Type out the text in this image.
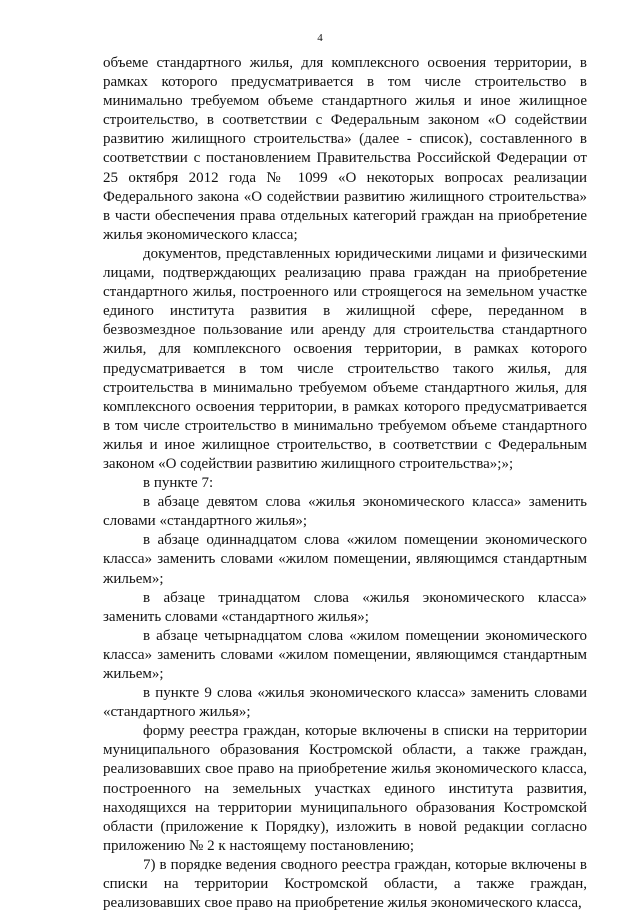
4

объеме стандартного жилья, для комплексного освоения территории, в рамках которого предусматривается в том числе строительство в минимально требуемом объеме стандартного жилья и иное жилищное строительство, в соответствии с Федеральным законом «О содействии развитию жилищного строительства» (далее - список), составленного в соответствии с постановлением Правительства Российской Федерации от 25 октября 2012 года № 1099 «О некоторых вопросах реализации Федерального закона «О содействии развитию жилищного строительства» в части обеспечения права отдельных категорий граждан на приобретение жилья экономического класса;

документов, представленных юридическими лицами и физическими лицами, подтверждающих реализацию права граждан на приобретение стандартного жилья, построенного или строящегося на земельном участке единого института развития в жилищной сфере, переданном в безвозмездное пользование или аренду для строительства стандартного жилья, для комплексного освоения территории, в рамках которого предусматривается в том числе строительство такого жилья, для строительства в минимально требуемом объеме стандартного жилья, для комплексного освоения территории, в рамках которого предусматривается в том числе строительство в минимально требуемом объеме стандартного жилья и иное жилищное строительство, в соответствии с Федеральным законом «О содействии развитию жилищного строительства»;»;

в пункте 7:

в абзаце девятом слова «жилья экономического класса» заменить словами «стандартного жилья»;

в абзаце одиннадцатом слова «жилом помещении экономического класса» заменить словами «жилом помещении, являющимся стандартным жильем»;

в абзаце тринадцатом слова «жилья экономического класса» заменить словами «стандартного жилья»;

в абзаце четырнадцатом слова «жилом помещении экономического класса» заменить словами «жилом помещении, являющимся стандартным жильем»;

в пункте 9 слова «жилья экономического класса» заменить словами «стандартного жилья»;

форму реестра граждан, которые включены в списки на территории муниципального образования Костромской области, а также граждан, реализовавших свое право на приобретение жилья экономического класса, построенного на земельных участках единого института развития, находящихся на территории муниципального образования Костромской области (приложение к Порядку), изложить в новой редакции согласно приложению № 2 к настоящему постановлению;

7) в порядке ведения сводного реестра граждан, которые включены в списки на территории Костромской области, а также граждан, реализовавших свое право на приобретение жилья экономического класса,
